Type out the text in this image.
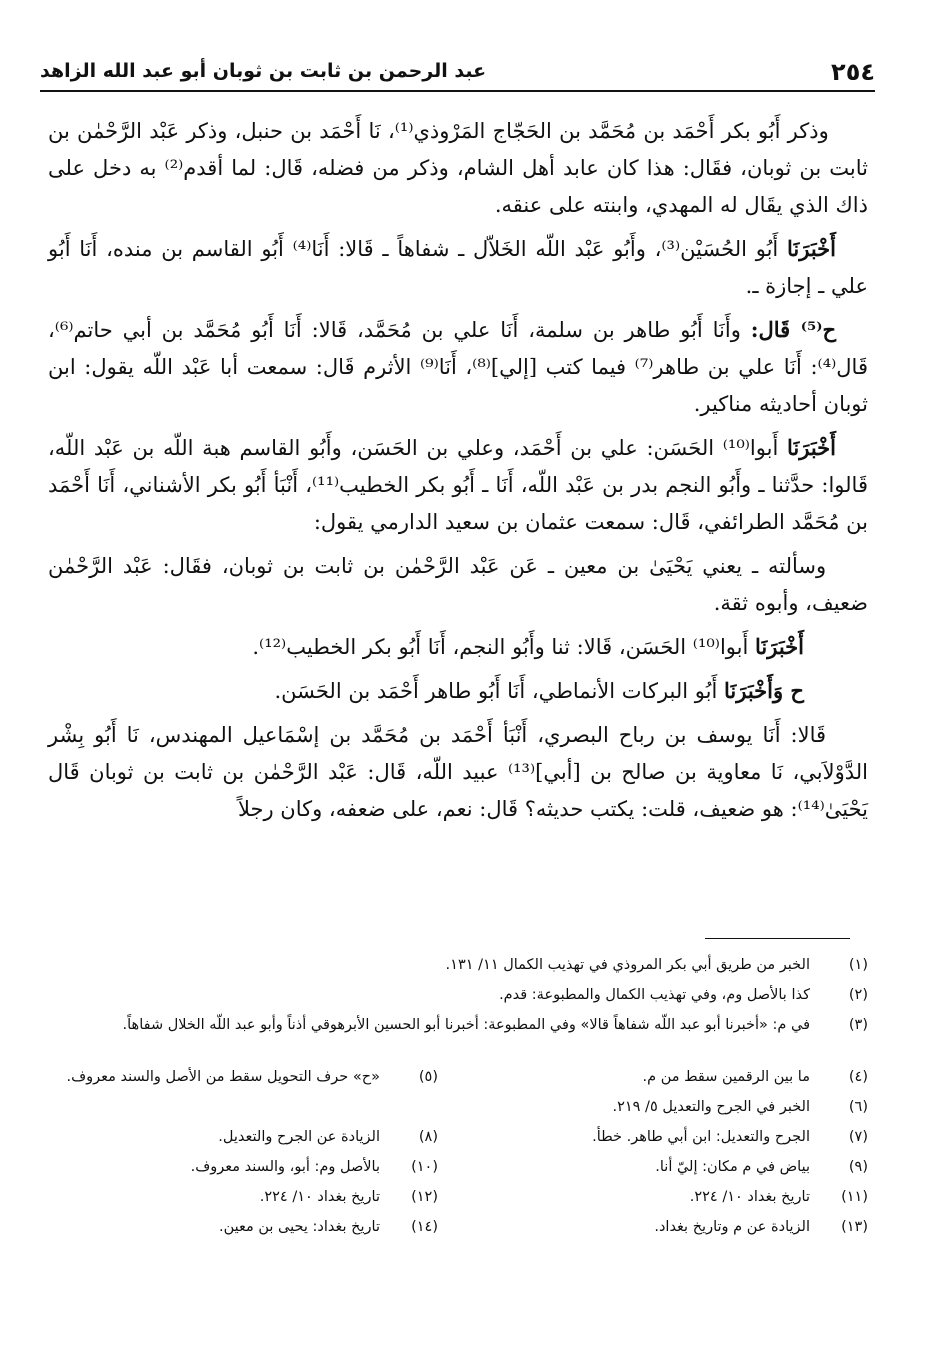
٢٥٤
عبد الرحمن بن ثابت بن ثوبان أبو عبد الله الزاهد

وذكر أَبُو بكر أَحْمَد بن مُحَمَّد بن الحَجّاج المَرْوذي⁽¹⁾، نَا أَحْمَد بن حنبل، وذكر عَبْد الرَّحْمٰن بن ثابت بن ثوبان، فقَال: هذا كان عابد أهل الشام، وذكر من فضله، قَال: لما أقدم⁽²⁾ به دخل على ذاك الذي يقَال له المهدي، وابنته على عنقه.

أَخْبَرَنَا أَبُو الحُسَيْن⁽³⁾، وأَبُو عَبْد اللّه الخَلاّل ـ شفاهاً ـ قَالا: أَنَا⁽⁴⁾ أَبُو القاسم بن منده، أَنَا أَبُو علي ـ إجازة ـ.

ح⁽⁵⁾ قَال: وأَنَا أَبُو طاهر بن سلمة، أَنَا علي بن مُحَمَّد، قَالا: أَنَا أَبُو مُحَمَّد بن أبي حاتم⁽⁶⁾، قَال⁽⁴⁾: أَنَا علي بن طاهر⁽⁷⁾ فيما كتب [إلي]⁽⁸⁾، أَنَا⁽⁹⁾ الأثرم قَال: سمعت أبا عَبْد اللّه يقول: ابن ثوبان أحاديثه مناكير.

أَخْبَرَنَا أَبوا⁽¹⁰⁾ الحَسَن: علي بن أَحْمَد، وعلي بن الحَسَن، وأَبُو القاسم هبة اللّه بن عَبْد اللّه، قَالوا: حدَّثنا ـ وأَبُو النجم بدر بن عَبْد اللّه، أَنَا ـ أَبُو بكر الخطيب⁽¹¹⁾، أَنْبَأ أَبُو بكر الأشناني، أَنَا أَحْمَد بن مُحَمَّد الطرائفي، قَال: سمعت عثمان بن سعيد الدارمي يقول:

وسألته ـ يعني يَحْيَىٰ بن معين ـ عَن عَبْد الرَّحْمٰن بن ثابت بن ثوبان، فقَال: عَبْد الرَّحْمٰن ضعيف، وأبوه ثقة.

أَخْبَرَنَا أَبوا⁽¹⁰⁾ الحَسَن، قَالا: ثنا وأَبُو النجم، أَنَا أَبُو بكر الخطيب⁽¹²⁾.

ح وَأَخْبَرَنَا أَبُو البركات الأنماطي، أَنَا أَبُو طاهر أَحْمَد بن الحَسَن.

قَالا: أَنَا يوسف بن رباح البصري، أَنْبَأ أَحْمَد بن مُحَمَّد بن إسْمَاعيل المهندس، نَا أَبُو بِشْر الدَّوْلاَبي، نَا معاوية بن صالح بن [أبي]⁽¹³⁾ عبيد اللّه، قَال: عَبْد الرَّحْمٰن بن ثابت بن ثوبان قَال يَحْيَىٰ⁽¹⁴⁾: هو ضعيف، قلت: يكتب حديثه؟ قَال: نعم، على ضعفه، وكان رجلاً

(١)
الخبر من طريق أبي بكر المروذي في تهذيب الكمال ١١/ ١٣١.
(٢)
كذا بالأصل وم، وفي تهذيب الكمال والمطبوعة: قدم.
(٣)
في م: «أخبرنا أبو عبد اللّه شفاهاً قالا» وفي المطبوعة: أخبرنا أبو الحسين الأبرهوقي أذناً وأبو عبد اللّه الخلال شفاهاً.
(٤)
ما بين الرقمين سقط من م.
(٥)
«ح» حرف التحويل سقط من الأصل والسند معروف.
(٦)
الخبر في الجرح والتعديل ٥/ ٢١٩.
(٧)
الجرح والتعديل: ابن أبي طاهر. خطأ.
(٨)
الزيادة عن الجرح والتعديل.
(٩)
بياض في م مكان: إليّ أنا.
(١٠)
بالأصل وم: أبو، والسند معروف.
(١١)
تاريخ بغداد ١٠/ ٢٢٤.
(١٢)
تاريخ بغداد ١٠/ ٢٢٤.
(١٣)
الزيادة عن م وتاريخ بغداد.
(١٤)
تاريخ بغداد: يحيى بن معين.
